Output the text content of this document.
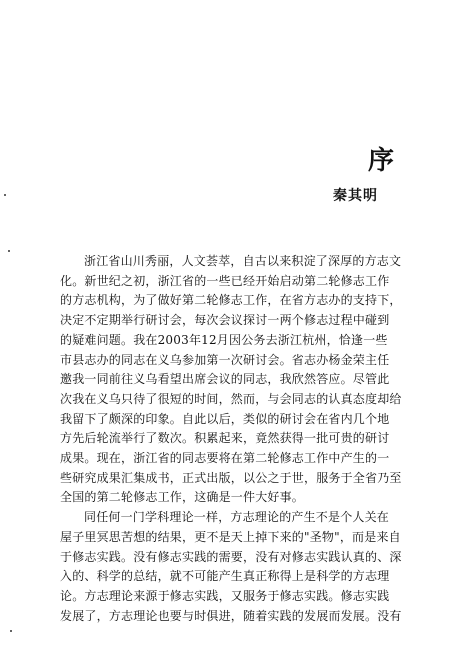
序
秦其明
浙江省山川秀丽，人文荟萃，自古以来积淀了深厚的方志文
化。新世纪之初，浙江省的一些已经开始启动第二轮修志工作
的方志机构，为了做好第二轮修志工作，在省方志办的支持下，
决定不定期举行研讨会，每次会议探讨一两个修志过程中碰到
的疑难问题。我在2003年12月因公务去浙江杭州，恰逢一些
市县志办的同志在义乌参加第一次研讨会。省志办杨金荣主任
邀我一同前往义乌看望出席会议的同志，我欣然答应。尽管此
次我在义乌只待了很短的时间，然而，与会同志的认真态度却给
我留下了颇深的印象。自此以后，类似的研讨会在省内几个地
方先后轮流举行了数次。积累起来，竟然获得一批可贵的研讨
成果。现在，浙江省的同志要将在第二轮修志工作中产生的一
些研究成果汇集成书，正式出版，以公之于世，服务于全省乃至
全国的第二轮修志工作，这确是一件大好事。
同任何一门学科理论一样，方志理论的产生不是个人关在
屋子里冥思苦想的结果，更不是天上掉下来的"圣物"，而是来自
于修志实践。没有修志实践的需要，没有对修志实践认真的、深
入的、科学的总结，就不可能产生真正称得上是科学的方志理
论。方志理论来源于修志实践，又服务于修志实践。修志实践
发展了，方志理论也要与时俱进，随着实践的发展而发展。没有
